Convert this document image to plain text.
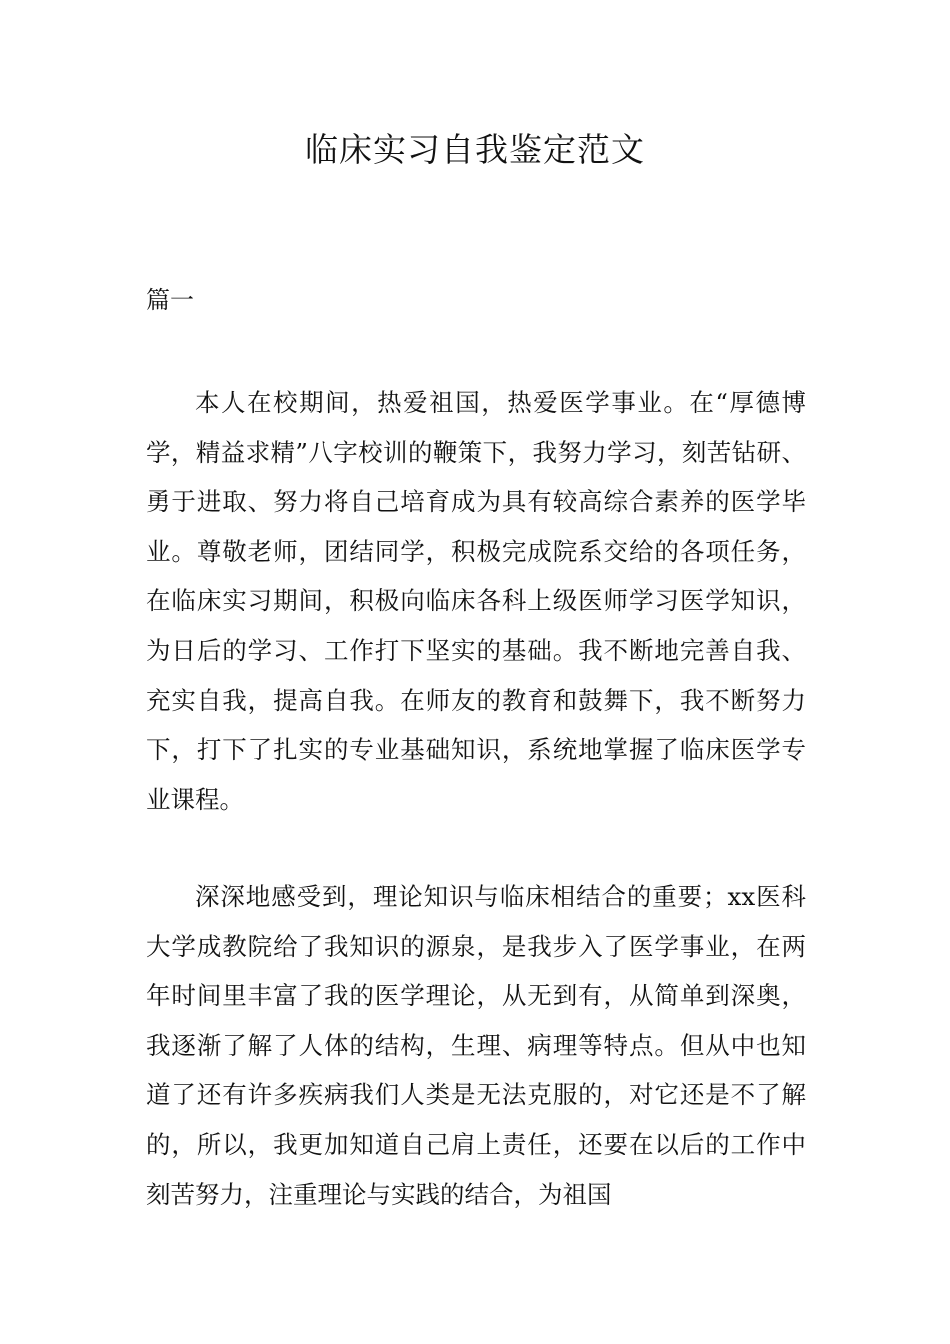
临床实习自我鉴定范文

篇一

本人在校期间，热爱祖国，热爱医学事业。在“厚德博学，精益求精”八字校训的鞭策下，我努力学习，刻苦钻研、勇于进取、努力将自己培育成为具有较高综合素养的医学毕业。尊敬老师，团结同学，积极完成院系交给的各项任务，在临床实习期间，积极向临床各科上级医师学习医学知识，为日后的学习、工作打下坚实的基础。我不断地完善自我、充实自我，提高自我。在师友的教育和鼓舞下，我不断努力下，打下了扎实的专业基础知识，系统地掌握了临床医学专业课程。

深深地感受到，理论知识与临床相结合的重要；xx医科大学成教院给了我知识的源泉，是我步入了医学事业，在两年时间里丰富了我的医学理论，从无到有，从简单到深奥，我逐渐了解了人体的结构，生理、病理等特点。但从中也知道了还有许多疾病我们人类是无法克服的，对它还是不了解的，所以，我更加知道自己肩上责任，还要在以后的工作中刻苦努力，注重理论与实践的结合，为祖国
